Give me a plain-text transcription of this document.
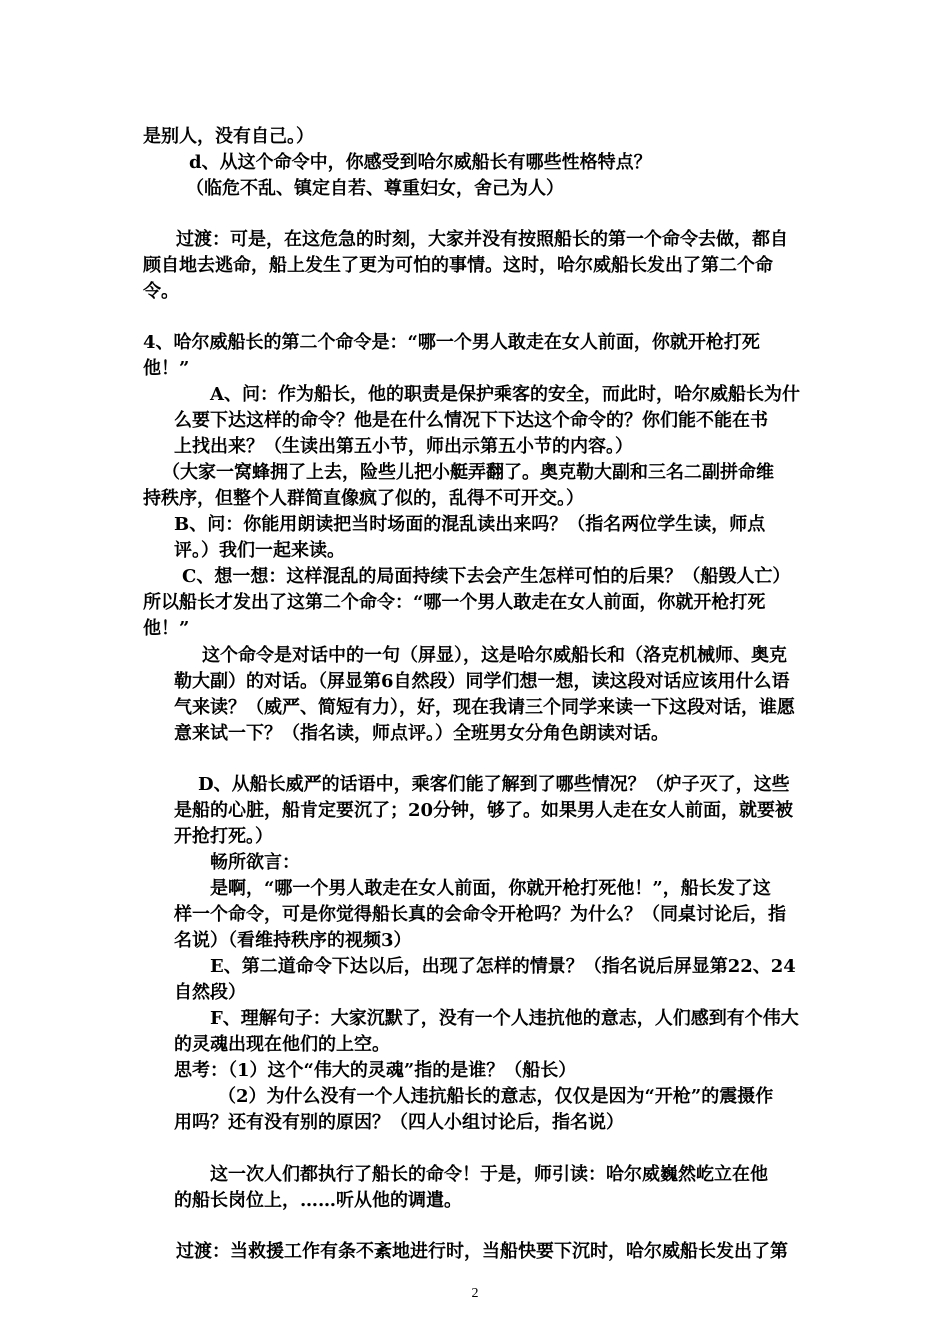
是别人，没有自己。）
d、从这个命令中，你感受到哈尔威船长有哪些性格特点？
（临危不乱、镇定自若、尊重妇女，舍己为人）
过渡：可是，在这危急的时刻，大家并没有按照船长的第一个命令去做，都自
顾自地去逃命，船上发生了更为可怕的事情。这时，哈尔威船长发出了第二个命
令。
4、哈尔威船长的第二个命令是：“哪一个男人敢走在女人前面，你就开枪打死
他！”
A、问：作为船长，他的职责是保护乘客的安全，而此时，哈尔威船长为什
么要下达这样的命令？他是在什么情况下下达这个命令的？你们能不能在书
上找出来？（生读出第五小节，师出示第五小节的内容。）
（大家一窝蜂拥了上去，险些儿把小艇弄翻了。奥克勒大副和三名二副拼命维
持秩序，但整个人群简直像疯了似的，乱得不可开交。）
B、问：你能用朗读把当时场面的混乱读出来吗？（指名两位学生读，师点
评。）我们一起来读。
C、想一想：这样混乱的局面持续下去会产生怎样可怕的后果？（船毁人亡）
所以船长才发出了这第二个命令：“哪一个男人敢走在女人前面，你就开枪打死
他！”
这个命令是对话中的一句（屏显），这是哈尔威船长和（洛克机械师、奥克
勒大副）的对话。（屏显第6自然段）同学们想一想，读这段对话应该用什么语
气来读？（威严、简短有力），好，现在我请三个同学来读一下这段对话，谁愿
意来试一下？（指名读，师点评。）全班男女分角色朗读对话。
D、从船长威严的话语中，乘客们能了解到了哪些情况？（炉子灭了，这些
是船的心脏，船肯定要沉了；20分钟，够了。如果男人走在女人前面，就要被
开抢打死。）
畅所欲言：
是啊，“哪一个男人敢走在女人前面，你就开枪打死他！”，船长发了这
样一个命令，可是你觉得船长真的会命令开枪吗？为什么？（同桌讨论后，指
名说）（看维持秩序的视频3）
E、第二道命令下达以后，出现了怎样的情景？（指名说后屏显第22、24
自然段）
F、理解句子：大家沉默了，没有一个人违抗他的意志，人们感到有个伟大
的灵魂出现在他们的上空。
思考：（1）这个“伟大的灵魂”指的是谁？（船长）
（2）为什么没有一个人违抗船长的意志，仅仅是因为“开枪”的震摄作
用吗？还有没有别的原因？（四人小组讨论后，指名说）
这一次人们都执行了船长的命令！于是，师引读：哈尔威巍然屹立在他
的船长岗位上，……听从他的调遣。
过渡：当救援工作有条不紊地进行时，当船快要下沉时，哈尔威船长发出了第
2
